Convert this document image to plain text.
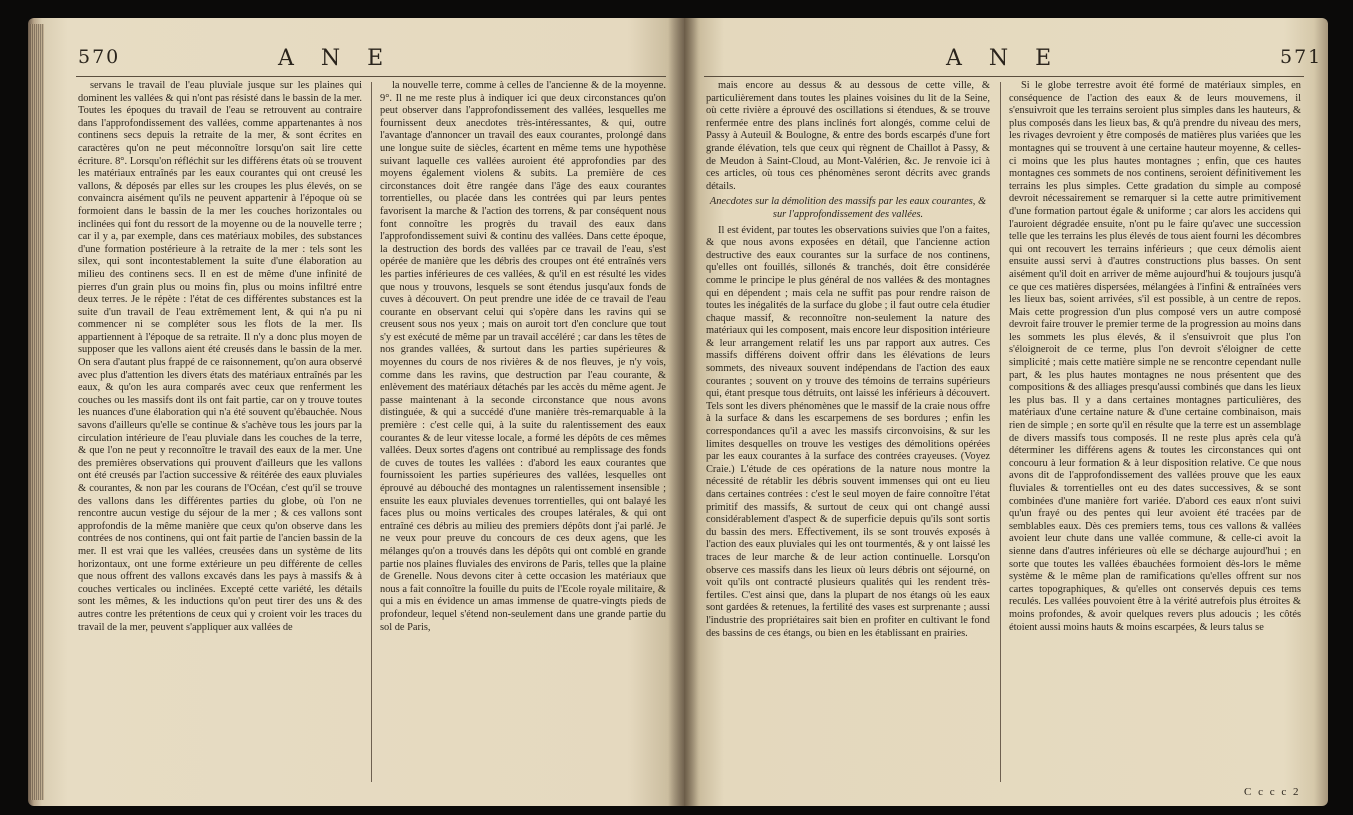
570	A N E

servans le travail de l'eau pluviale jusque sur les plaines qui dominent les vallées & qui n'ont pas résisté dans le bassin de la mer. Toutes les époques du travail de l'eau se retrouvent au contraire dans l'approfondissement des vallées, comme appartenantes à nos continens secs depuis la retraite de la mer, & sont écrites en caractères qu'on ne peut méconnoître lorsqu'on sait lire cette écriture. 8°. Lorsqu'on réfléchit sur les différens états où se trouvent les matériaux entraînés par les eaux courantes qui ont creusé les vallons, & déposés par elles sur les croupes les plus élevés, on se convaincra aisément qu'ils ne peuvent appartenir à l'époque où se formoient dans le bassin de la mer les couches horizontales ou inclinées qui font du ressort de la moyenne ou de la nouvelle terre ; car il y a, par exemple, dans ces matériaux mobiles, des substances d'une formation postérieure à la retraite de la mer : tels sont les silex, qui sont incontestablement la suite d'une élaboration au milieu des continens secs. Il en est de même d'une infinité de pierres d'un grain plus ou moins fin, plus ou moins infiltré entre deux terres. Je le répète : l'état de ces différentes substances est la suite d'un travail de l'eau extrêmement lent, & qui n'a pu ni commencer ni se compléter sous les flots de la mer. Ils appartiennent à l'époque de sa retraite. Il n'y a donc plus moyen de supposer que les vallons aient été creusés dans le bassin de la mer. On sera d'autant plus frappé de ce raisonnement, qu'on aura observé avec plus d'attention les divers états des matériaux entraînés par les eaux, & qu'on les aura comparés avec ceux que renferment les couches ou les massifs dont ils ont fait partie, car on y trouve toutes les nuances d'une élaboration qui n'a été souvent qu'ébauchée. Nous savons d'ailleurs qu'elle se continue & s'achève tous les jours par la circulation intérieure de l'eau pluviale dans les couches de la terre, & que l'on ne peut y reconnoître le travail des eaux de la mer. Une des premières observations qui prouvent d'ailleurs que les vallons ont été creusés par l'action successive & réitérée des eaux pluviales & courantes, & non par les courans de l'Océan, c'est qu'il se trouve des vallons dans les différentes parties du globe, où l'on ne rencontre aucun vestige du séjour de la mer ; & ces vallons sont approfondis de la même manière que ceux qu'on observe dans les contrées de nos continens, qui ont fait partie de l'ancien bassin de la mer. Il est vrai que les vallées, creusées dans un système de lits horizontaux, ont une forme extérieure un peu différente de celles que nous offrent des vallons excavés dans les pays à massifs & à couches verticales ou inclinées. Excepté cette variété, les détails sont les mêmes, & les inductions qu'on peut tirer des uns & des autres contre les prétentions de ceux qui y croient voir les traces du travail de la mer, peuvent s'appliquer aux vallées de

la nouvelle terre, comme à celles de l'ancienne & de la moyenne. 9°. Il ne me reste plus à indiquer ici que deux circonstances qu'on peut observer dans l'approfondissement des vallées, lesquelles me fournissent deux anecdotes très-intéressantes, & qui, outre l'avantage d'annoncer un travail des eaux courantes, prolongé dans une longue suite de siècles, écartent en même tems une hypothèse suivant laquelle ces vallées auroient été approfondies par des moyens également violens & subits. La première de ces circonstances doit être rangée dans l'âge des eaux courantes torrentielles, ou placée dans les contrées qui par leurs pentes favorisent la marche & l'action des torrens, & par conséquent nous font connoître les progrès du travail des eaux dans l'approfondissement suivi & continu des vallées. Dans cette époque, la destruction des bords des vallées par ce travail de l'eau, s'est opérée de manière que les débris des croupes ont été entraînés vers les parties inférieures de ces vallées, & qu'il en est résulté les vides que nous y trouvons, lesquels se sont étendus jusqu'aux fonds de cuves à découvert. On peut prendre une idée de ce travail de l'eau courante en observant celui qui s'opère dans les ravins qui se creusent sous nos yeux ; mais on auroit tort d'en conclure que tout s'y est exécuté de même par un travail accéléré ; car dans les têtes de nos grandes vallées, & surtout dans les parties supérieures & moyennes du cours de nos rivières & de nos fleuves, je n'y vois, comme dans les ravins, que destruction par l'eau courante, & enlèvement des matériaux détachés par les accès du même agent. Je passe maintenant à la seconde circonstance que nous avons distinguée, & qui a succédé d'une manière très-remarquable à la première : c'est celle qui, à la suite du ralentissement des eaux courantes & de leur vitesse locale, a formé les dépôts de ces mêmes vallées. Deux sortes d'agens ont contribué au remplissage des fonds de cuves de toutes les vallées : d'abord les eaux courantes que fournissoient les parties supérieures des vallées, lesquelles ont éprouvé au débouché des montagnes un ralentissement insensible ; ensuite les eaux pluviales devenues torrentielles, qui ont balayé les faces plus ou moins verticales des croupes latérales, & qui ont entraîné ces débris au milieu des premiers dépôts dont j'ai parlé. Je ne veux pour preuve du concours de ces deux agens, que les mélanges qu'on a trouvés dans les dépôts qui ont comblé en grande partie nos plaines fluviales des environs de Paris, telles que la plaine de Grenelle. Nous devons citer à cette occasion les matériaux que nous a fait connoître la fouille du puits de l'Ecole royale militaire, & qui a mis en évidence un amas immense de quatre-vingts pieds de profondeur, lequel s'étend non-seulement dans une grande partie du sol de Paris,

A N E	571

mais encore au dessus & au dessous de cette ville, & particulièrement dans toutes les plaines voisines du lit de la Seine, où cette rivière a éprouvé des oscillations si étendues, & se trouve renfermée entre des plans inclinés fort alongés, comme celui de Passy à Auteuil & Boulogne, & entre des bords escarpés d'une fort grande élévation, tels que ceux qui règnent de Chaillot à Passy, & de Meudon à Saint-Cloud, au Mont-Valérien, &c. Je renvoie ici à ces articles, où tous ces phénomènes seront décrits avec grands détails.

Anecdotes sur la démolition des massifs par les eaux courantes, & sur l'approfondissement des vallées.

Il est évident, par toutes les observations suivies que l'on a faites, & que nous avons exposées en détail, que l'ancienne action destructive des eaux courantes sur la surface de nos continens, qu'elles ont fouillés, sillonés & tranchés, doit être considérée comme le principe le plus général de nos vallées & des montagnes qui en dépendent ; mais cela ne suffit pas pour rendre raison de toutes les inégalités de la surface du globe ; il faut outre cela étudier chaque massif, & reconnoître non-seulement la nature des matériaux qui les composent, mais encore leur disposition intérieure & leur arrangement relatif les uns par rapport aux autres. Ces massifs différens doivent offrir dans les élévations de leurs sommets, des niveaux souvent indépendans de l'action des eaux courantes ; souvent on y trouve des témoins de terrains supérieurs qui, étant presque tous détruits, ont laissé les inférieurs à découvert. Tels sont les divers phénomènes que le massif de la craie nous offre à la surface & dans les escarpemens de ses bordures ; enfin les correspondances qu'il a avec les massifs circonvoisins, & sur les limites desquelles on trouve les vestiges des démolitions opérées par les eaux courantes à la surface des contrées crayeuses. (Voyez Craie.) L'étude de ces opérations de la nature nous montre la nécessité de rétablir les débris souvent immenses qui ont eu lieu dans certaines contrées : c'est le seul moyen de faire connoître l'état primitif des massifs, & surtout de ceux qui ont changé aussi considérablement d'aspect & de superficie depuis qu'ils sont sortis du bassin des mers. Effectivement, ils se sont trouvés exposés à l'action des eaux pluviales qui les ont tourmentés, & y ont laissé les traces de leur marche & de leur action continuelle. Lorsqu'on observe ces massifs dans les lieux où leurs débris ont séjourné, on voit qu'ils ont contracté plusieurs qualités qui les rendent très-fertiles. C'est ainsi que, dans la plupart de nos étangs où les eaux sont gardées & retenues, la fertilité des vases est surprenante ; aussi l'industrie des propriétaires sait bien en profiter en cultivant le fond des bassins de ces étangs, ou bien en les établissant en prairies.

Si le globe terrestre avoit été formé de matériaux simples, en conséquence de l'action des eaux & de leurs mouvemens, il s'ensuivroit que les terrains seroient plus simples dans les hauteurs, & plus composés dans les lieux bas, & qu'à prendre du niveau des mers, les rivages devroient y être composés de matières plus variées que les montagnes qui se trouvent à une certaine hauteur moyenne, & celles-ci moins que les plus hautes montagnes ; enfin, que ces hautes montagnes ces sommets de nos continens, seroient définitivement les terrains les plus simples. Cette gradation du simple au composé devroit nécessairement se remarquer si la cette autre primitivement d'une formation partout égale & uniforme ; car alors les accidens qui l'auroient dégradée ensuite, n'ont pu le faire qu'avec une succession telle que les terrains les plus élevés de tous aient fourni les décombres qui ont recouvert les terrains inférieurs ; que ceux démolis aient ensuite aussi servi à d'autres constructions plus basses. On sent aisément qu'il doit en arriver de même aujourd'hui & toujours jusqu'à ce que ces matières dispersées, mélangées à l'infini & entraînées vers les lieux bas, soient arrivées, s'il est possible, à un centre de repos. Mais cette progression d'un plus composé vers un autre composé devroit faire trouver le premier terme de la progression au moins dans les sommets les plus élevés, & il s'ensuivroit que plus l'on s'éloigneroit de ce terme, plus l'on devroit s'éloigner de cette simplicité ; mais cette matière simple ne se rencontre cependant nulle part, & les plus hautes montagnes ne nous présentent que des compositions & des alliages presqu'aussi combinés que dans les lieux les plus bas. Il y a dans certaines montagnes particulières, des matériaux d'une certaine nature & d'une certaine combinaison, mais rien de simple ; en sorte qu'il en résulte que la terre est un assemblage de divers massifs tous composés. Il ne reste plus après cela qu'à déterminer les différens agens & toutes les circonstances qui ont concouru à leur formation & à leur disposition relative. Ce que nous avons dit de l'approfondissement des vallées prouve que les eaux fluviales & torrentielles ont eu des dates successives, & se sont combinées d'une manière fort variée. D'abord ces eaux n'ont suivi qu'un frayé ou des pentes qui leur avoient été tracées par de semblables eaux. Dès ces premiers tems, tous ces vallons & vallées avoient leur chute dans une vallée commune, & celle-ci avoit la sienne dans d'autres inférieures où elle se décharge aujourd'hui ; en sorte que toutes les vallées ébauchées formoient dès-lors le même système & le même plan de ramifications qu'elles offrent sur nos cartes topographiques, & qu'elles ont conservés depuis ces tems reculés. Les vallées pouvoient être à la vérité autrefois plus étroites & moins profondes, & avoir quelques revers plus adoucis ; les côtés étoient aussi moins hauts & moins escarpées, & leurs talus se

C c c c 2
